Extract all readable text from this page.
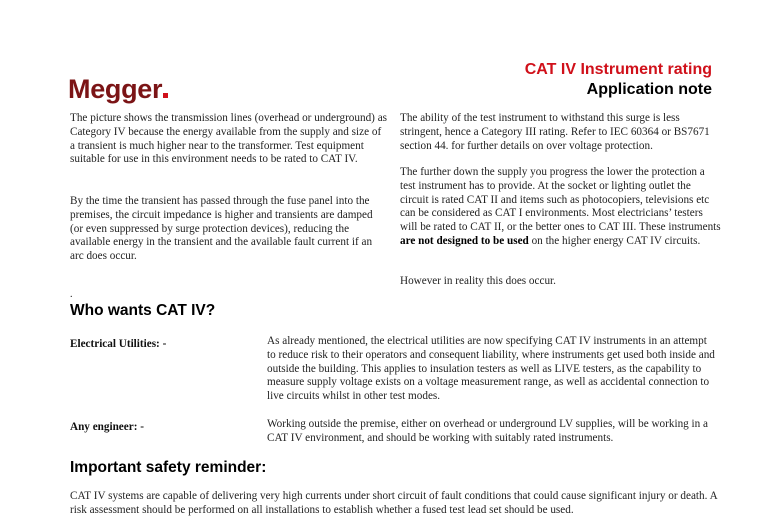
CAT IV Instrument rating
Application note
Megger
The picture shows the transmission lines (overhead or underground) as Category IV because the energy available from the supply and size of a transient is much higher near to the transformer. Test equipment suitable for use in this environment needs to be rated to CAT IV.
By the time the transient has passed through the fuse panel into the premises, the circuit impedance is higher and transients are damped (or even suppressed by surge protection devices), reducing the available energy in the transient and the available fault current if an arc does occur.
The ability of the test instrument to withstand this surge is less stringent, hence a Category III rating. Refer to IEC 60364 or BS7671 section 44. for further details on over voltage protection.
The further down the supply you progress the lower the protection a test instrument has to provide. At the socket or lighting outlet the circuit is rated CAT II and items such as photocopiers, televisions etc can be considered as CAT I environments. Most electricians’ testers will be rated to CAT II, or the better ones to CAT III. These instruments are not designed to be used on the higher energy CAT IV circuits.
However in reality this does occur.
.
Who wants CAT IV?
Electrical Utilities: -	As already mentioned, the electrical utilities are now specifying CAT IV instruments in an attempt to reduce risk to their operators and consequent liability, where instruments get used both inside and outside the building. This applies to insulation testers as well as LIVE testers, as the capability to measure supply voltage exists on a voltage measurement range, as well as accidental connection to live circuits whilst in other test modes.
Any engineer: -	Working outside the premise, either on overhead or underground LV supplies, will be working in a CAT IV environment, and should be working with suitably rated instruments.
Important safety reminder:
CAT IV systems are capable of delivering very high currents under short circuit of fault conditions that could cause significant injury or death. A risk assessment should be performed on all installations to establish whether a fused test lead set should be used.
